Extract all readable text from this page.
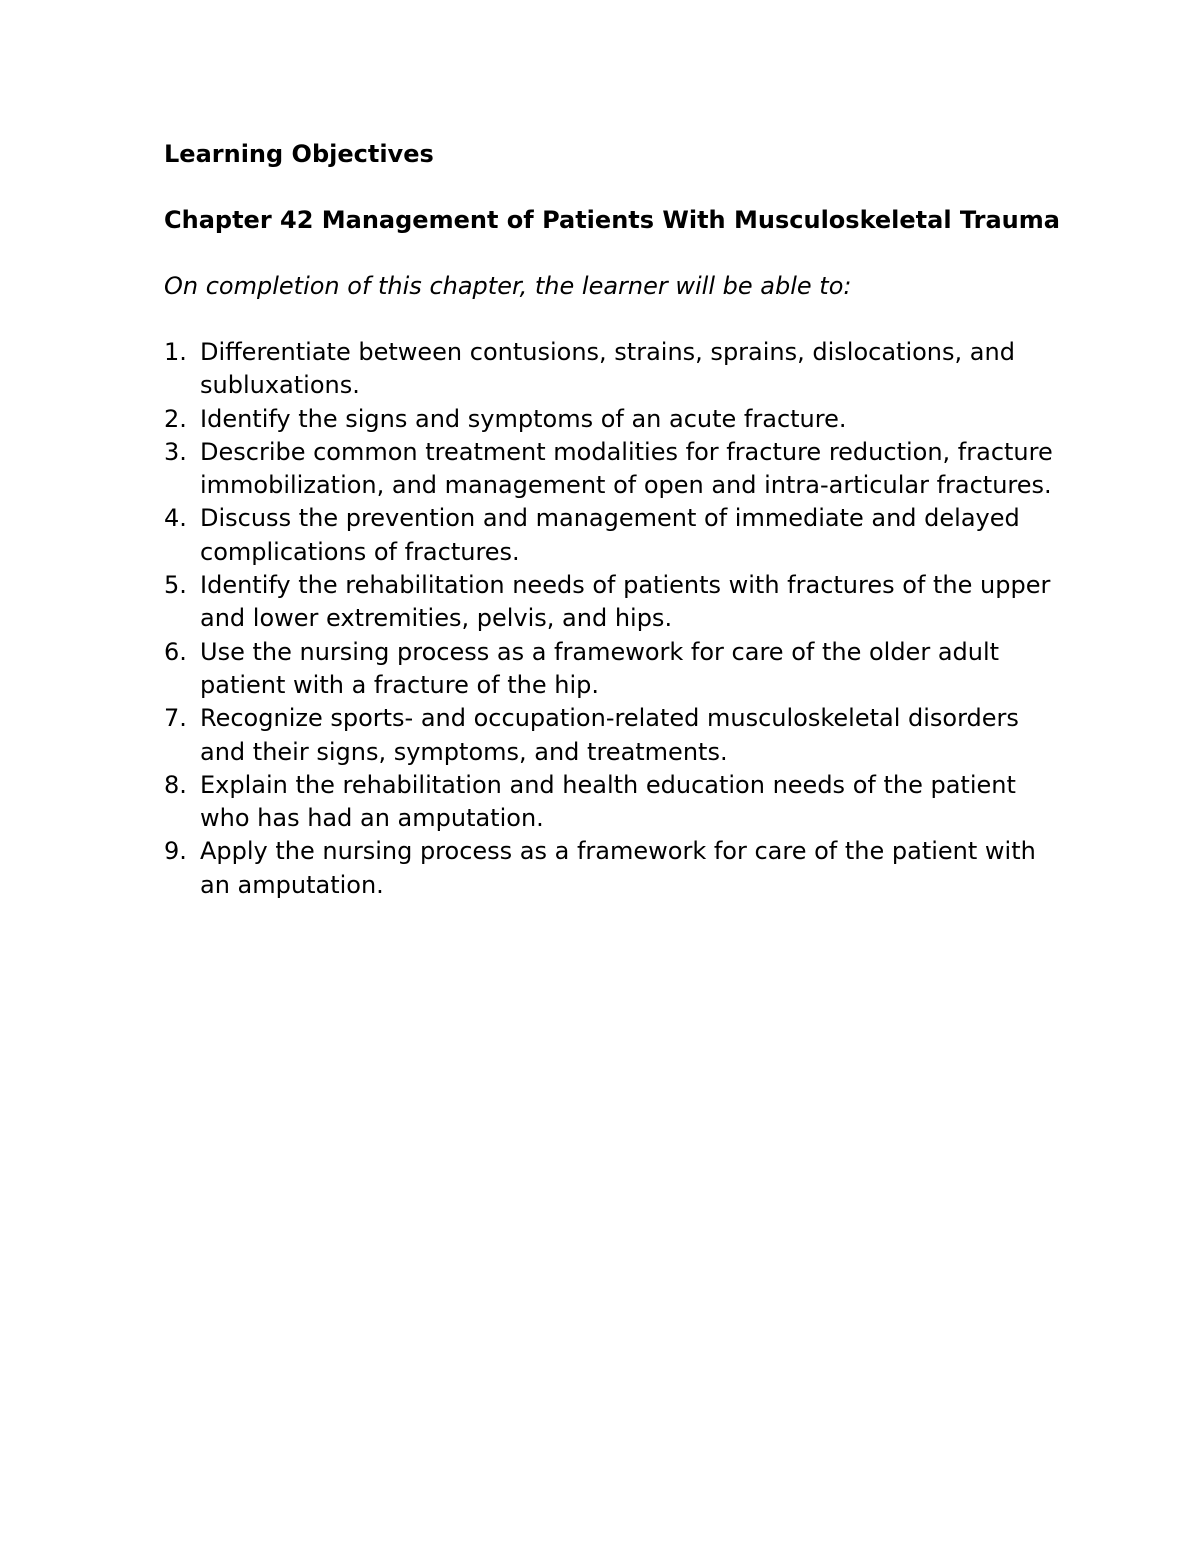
Learning Objectives
Chapter 42 Management of Patients With Musculoskeletal Trauma

On completion of this chapter, the learner will be able to:

1. Differentiate between contusions, strains, sprains, dislocations, and subluxations.
2. Identify the signs and symptoms of an acute fracture.
3. Describe common treatment modalities for fracture reduction, fracture immobilization, and management of open and intra-articular fractures.
4. Discuss the prevention and management of immediate and delayed complications of fractures.
5. Identify the rehabilitation needs of patients with fractures of the upper and lower extremities, pelvis, and hips.
6. Use the nursing process as a framework for care of the older adult patient with a fracture of the hip.
7. Recognize sports- and occupation-related musculoskeletal disorders and their signs, symptoms, and treatments.
8. Explain the rehabilitation and health education needs of the patient who has had an amputation.
9. Apply the nursing process as a framework for care of the patient with an amputation.
